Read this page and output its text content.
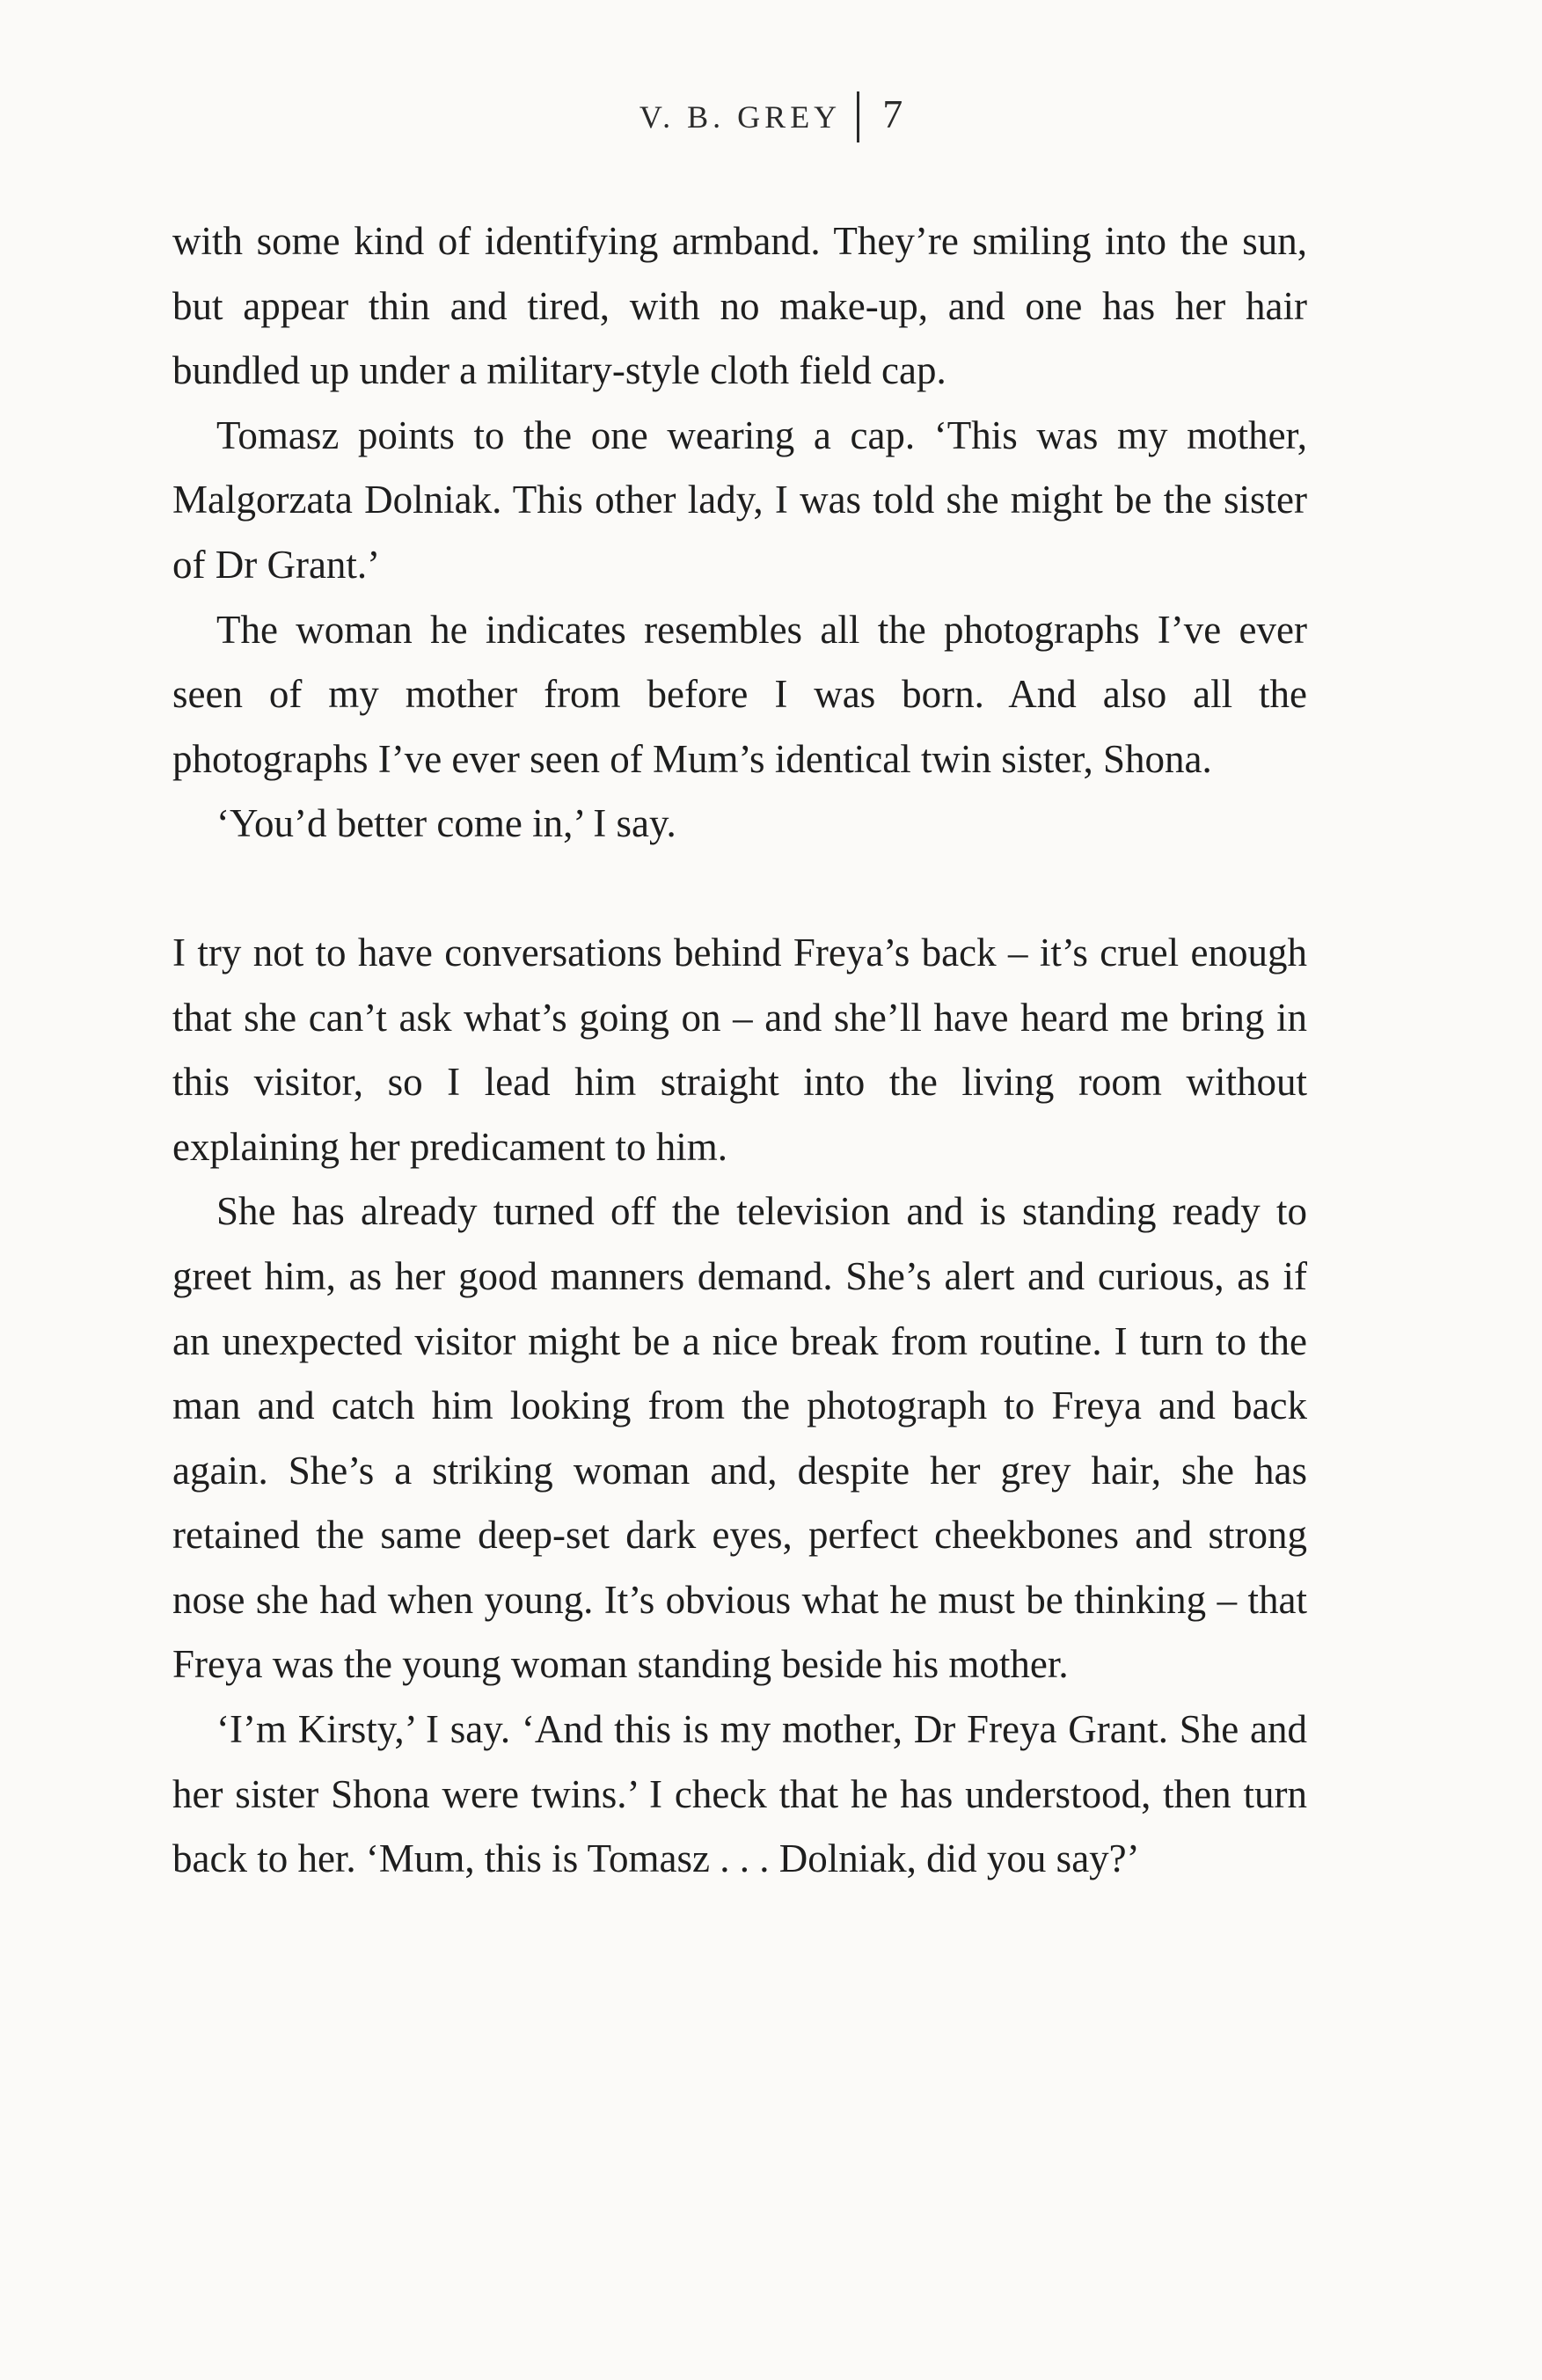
V. B. GREY 7

with some kind of identifying armband. They’re smiling into the sun, but appear thin and tired, with no make-up, and one has her hair bundled up under a military-style cloth field cap.

Tomasz points to the one wearing a cap. ‘This was my mother, Malgorzata Dolniak. This other lady, I was told she might be the sister of Dr Grant.’

The woman he indicates resembles all the photographs I’ve ever seen of my mother from before I was born. And also all the photographs I’ve ever seen of Mum’s identical twin sister, Shona.

‘You’d better come in,’ I say.

I try not to have conversations behind Freya’s back – it’s cruel enough that she can’t ask what’s going on – and she’ll have heard me bring in this visitor, so I lead him straight into the living room without explaining her predicament to him.

She has already turned off the television and is standing ready to greet him, as her good manners demand. She’s alert and curious, as if an unexpected visitor might be a nice break from routine. I turn to the man and catch him looking from the photograph to Freya and back again. She’s a striking woman and, despite her grey hair, she has retained the same deep-set dark eyes, perfect cheekbones and strong nose she had when young. It’s obvious what he must be thinking – that Freya was the young woman standing beside his mother.

‘I’m Kirsty,’ I say. ‘And this is my mother, Dr Freya Grant. She and her sister Shona were twins.’ I check that he has understood, then turn back to her. ‘Mum, this is Tomasz . . . Dolniak, did you say?’
